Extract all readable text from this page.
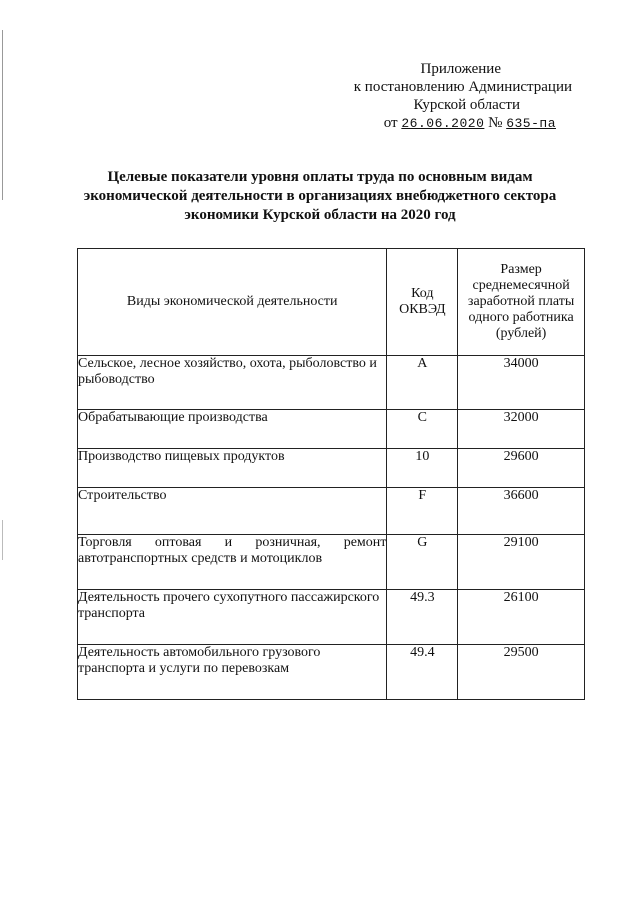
Приложение
к постановлению Администрации
Курской области
от 26.06.2020 № 635-па
Целевые показатели уровня оплаты труда по основным видам
экономической деятельности в организациях внебюджетного сектора
экономики Курской области на 2020 год
Виды экономической деятельности	Код ОКВЭД	Размер среднемесячной заработной платы одного работника (рублей)
Сельское, лесное хозяйство, охота, рыболовство и рыбоводство	A	34000
Обрабатывающие производства	C	32000
Производство пищевых продуктов	10	29600
Строительство	F	36600
Торговля оптовая и розничная, ремонт автотранспортных средств и мотоциклов	G	29100
Деятельность прочего сухопутного пассажирского транспорта	49.3	26100
Деятельность автомобильного грузового транспорта и услуги по перевозкам	49.4	29500
